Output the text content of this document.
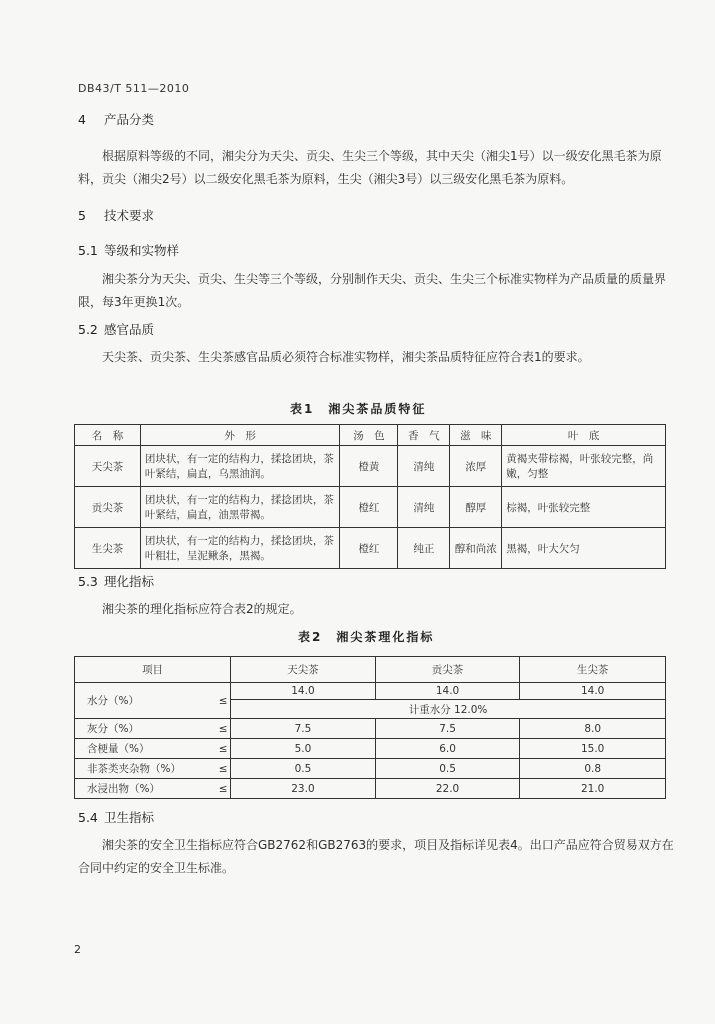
DB43/T 511—2010
4 产品分类
根据原料等级的不同，湘尖分为天尖、贡尖、生尖三个等级，其中天尖（湘尖1号）以一级安化黑毛茶为原料，贡尖（湘尖2号）以二级安化黑毛茶为原料，生尖（湘尖3号）以三级安化黑毛茶为原料。
5 技术要求
5.1 等级和实物样
湘尖茶分为天尖、贡尖、生尖等三个等级，分别制作天尖、贡尖、生尖三个标准实物样为产品质量的质量界限，每3年更换1次。
5.2 感官品质
天尖茶、贡尖茶、生尖茶感官品质必须符合标准实物样，湘尖茶品质特征应符合表1的要求。
表1　湘尖茶品质特征
名　称	外　形	汤　色	香　气	滋　味	叶　底
天尖茶	团块状，有一定的结构力，揉捻团块，茶叶紧结，扁直，乌黑油润。	橙黄	清纯	浓厚	黄褐夹带棕褐，叶张较完整，尚嫩，匀整
贡尖茶	团块状，有一定的结构力，揉捻团块，茶叶紧结，扁直，油黑带褐。	橙红	清纯	醇厚	棕褐，叶张较完整
生尖茶	团块状，有一定的结构力，揉捻团块，茶叶粗壮，呈泥鳅条，黑褐。	橙红	纯正	醇和尚浓	黑褐，叶大欠匀
5.3 理化指标
湘尖茶的理化指标应符合表2的规定。
表2　湘尖茶理化指标
项目		天尖茶	贡尖茶	生尖茶
水分（%）	≤	14.0	14.0	14.0
		计重水分 12.0%		
灰分（%）	≤	7.5	7.5	8.0
含梗量（%）	≤	5.0	6.0	15.0
非茶类夹杂物（%）	≤	0.5	0.5	0.8
水浸出物（%）	≤	23.0	22.0	21.0
5.4 卫生指标
湘尖茶的安全卫生指标应符合GB2762和GB2763的要求，项目及指标详见表4。出口产品应符合贸易双方在合同中约定的安全卫生标准。
2
